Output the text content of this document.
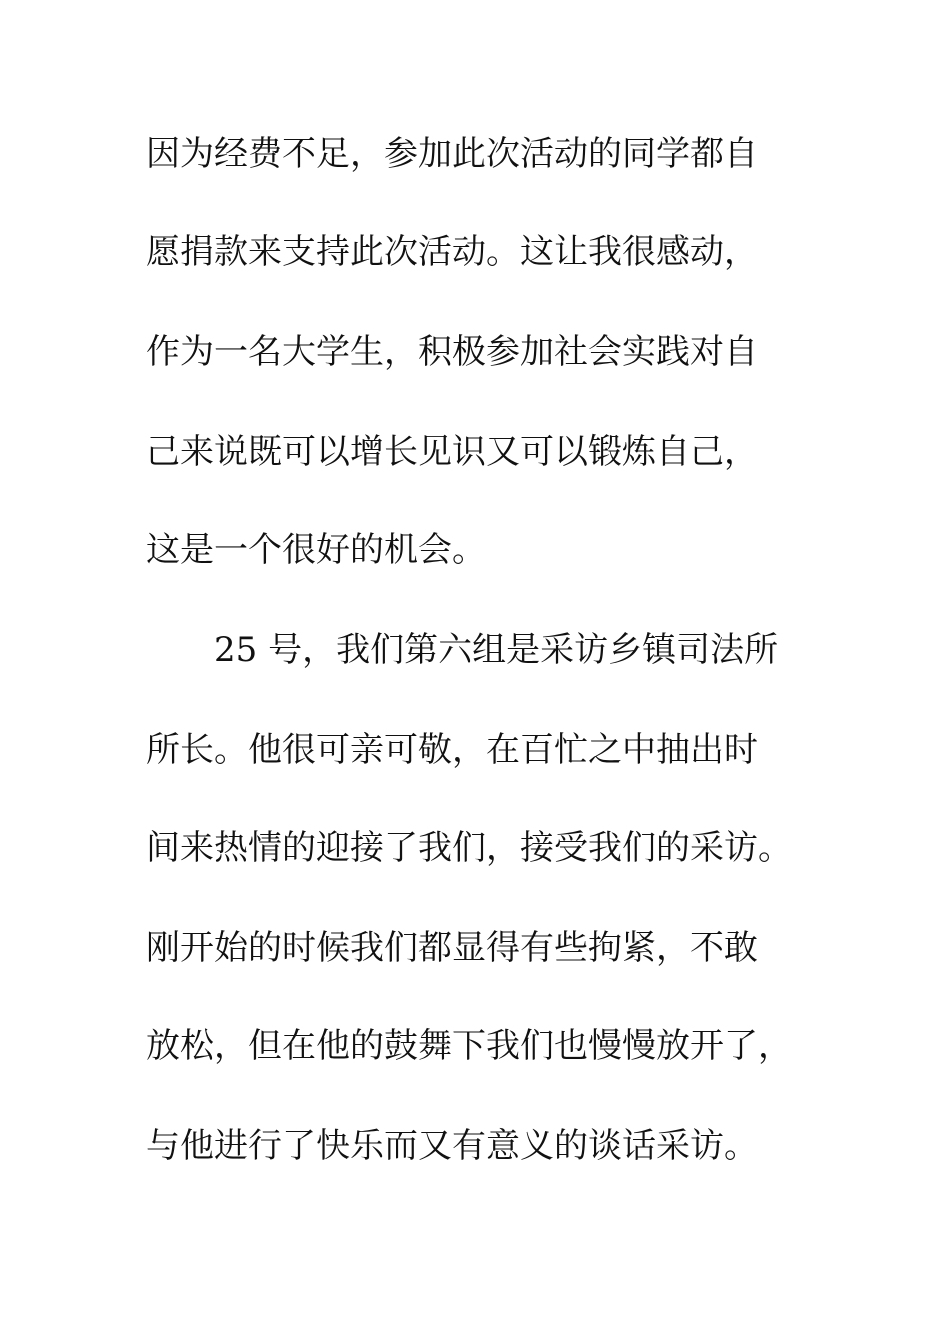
因为经费不足，参加此次活动的同学都自
愿捐款来支持此次活动。这让我很感动，
作为一名大学生，积极参加社会实践对自
己来说既可以增长见识又可以锻炼自己，
这是一个很好的机会。
25 号，我们第六组是采访乡镇司法所
所长。他很可亲可敬，在百忙之中抽出时
间来热情的迎接了我们，接受我们的采访。
刚开始的时候我们都显得有些拘紧，不敢
放松，但在他的鼓舞下我们也慢慢放开了，
与他进行了快乐而又有意义的谈话采访。
